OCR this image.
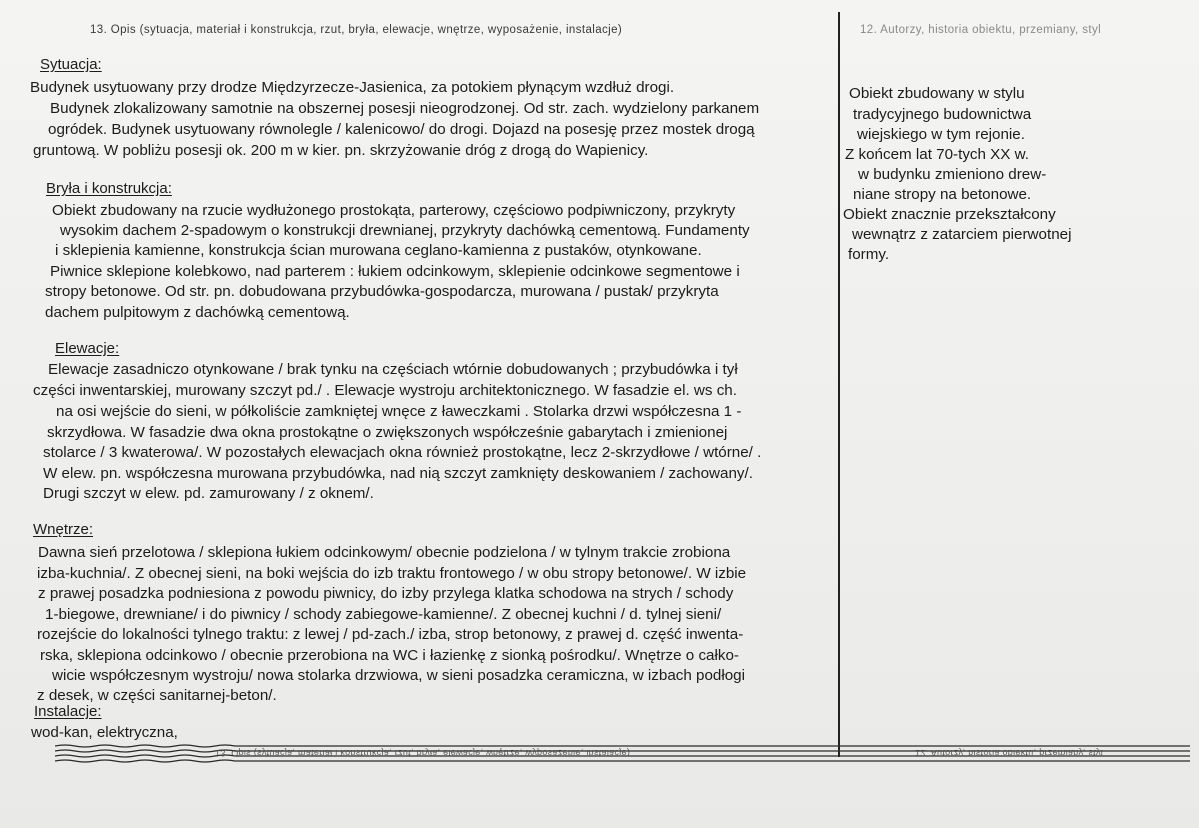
13. Opis (sytuacja, materiał i konstrukcja, rzut, bryła, elewacje, wnętrze, wyposażenie, instalacje)	12. Autorzy, historia obiektu, przemiany, styl
Sytuacja:
Budynek usytuowany przy drodze Międzyrzecze-Jasienica, za potokiem płynącym wzdłuż drogi.
Budynek zlokalizowany samotnie na obszernej posesji nieogrodzonej. Od str. zach. wydzielony parkanem
ogródek. Budynek usytuowany równolegle / kalenicowo/ do drogi. Dojazd na posesję przez mostek drogą
gruntową. W pobliżu posesji ok. 200 m w kier. pn. skrzyżowanie dróg z drogą do Wapienicy.
Bryła i konstrukcja:
Obiekt zbudowany na rzucie wydłużonego prostokąta, parterowy, częściowo podpiwniczony, przykryty
wysokim dachem 2-spadowym o konstrukcji drewnianej, przykryty dachówką cementową. Fundamenty
i sklepienia kamienne, konstrukcja ścian murowana ceglano-kamienna z pustaków, otynkowane.
Piwnice sklepione kolebkowo, nad parterem : łukiem odcinkowym, sklepienie odcinkowe segmentowe i
stropy betonowe. Od str. pn. dobudowana przybudówka-gospodarcza, murowana / pustak/ przykryta
dachem pulpitowym z dachówką cementową.
Elewacje:
Elewacje zasadniczo otynkowane / brak tynku na częściach wtórnie dobudowanych ; przybudówka i tył
części inwentarskiej, murowany szczyt pd./ . Elewacje wystroju architektonicznego. W fasadzie el. ws ch.
na osi wejście do sieni, w półkoliście zamkniętej wnęce z ławeczkami . Stolarka drzwi współczesna 1 -
skrzydłowa. W fasadzie dwa okna prostokątne o zwiększonych współcześnie gabarytach i zmienionej
stolarce / 3 kwaterowa/. W pozostałych elewacjach okna również prostokątne, lecz 2-skrzydłowe / wtórne/ .
W elew. pn. współczesna murowana przybudówka, nad nią szczyt zamknięty deskowaniem / zachowany/.
Drugi szczyt w elew. pd. zamurowany / z oknem/.
Wnętrze:
Dawna sień przelotowa / sklepiona łukiem odcinkowym/ obecnie podzielona / w tylnym trakcie zrobiona
izba-kuchnia/. Z obecnej sieni, na boki wejścia do izb traktu frontowego / w obu stropy betonowe/. W izbie
z prawej posadzka podniesiona z powodu piwnicy, do izby przylega klatka schodowa na strych / schody
1-biegowe, drewniane/ i do piwnicy / schody zabiegowe-kamienne/. Z obecnej kuchni / d. tylnej sieni/
rozejście do lokalności tylnego traktu: z lewej / pd-zach./ izba, strop betonowy, z prawej d. część inwenta-
rska, sklepiona odcinkowo / obecnie przerobiona na WC i łazienkę z sionką pośrodku/. Wnętrze o całko-
wicie współczesnym wystroju/ nowa stolarka drzwiowa, w sieni posadzka ceramiczna, w izbach podłogi
z desek, w części sanitarnej-beton/.
Instalacje:
wod-kan, elektryczna,
Obiekt zbudowany w stylu
tradycyjnego budownictwa
wiejskiego w tym rejonie.
Z końcem lat 70-tych XX w.
w budynku zmieniono drew-
niane stropy na betonowe.
Obiekt znacznie przekształcony
wewnątrz z zatarciem pierwotnej
formy.
13. Opis (sytuacja, materiał i konstrukcja, rzut, bryła, elewacje, wnętrze, wyposażenie, instalacje)	12. Autorzy, historia obiektu, przemiany, styl
